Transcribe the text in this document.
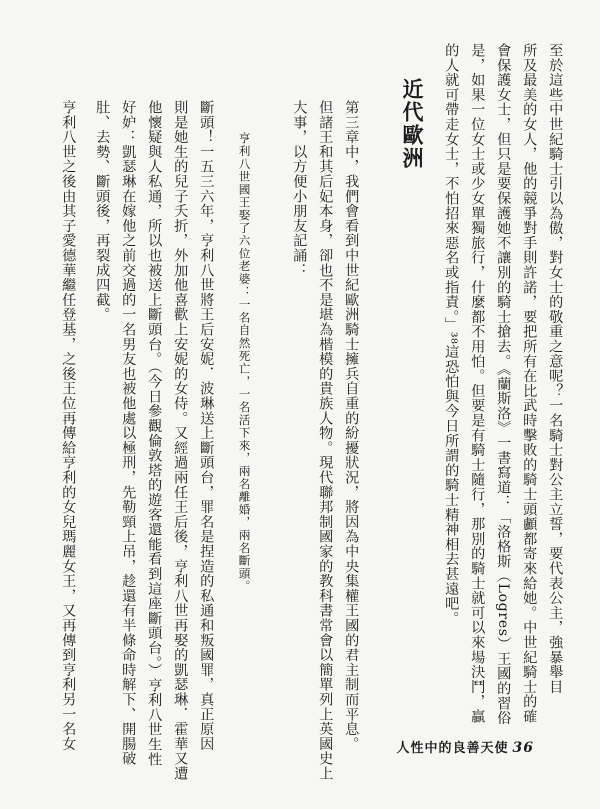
至於這些中世紀騎士引以為傲，對女士的敬重之意呢？一名騎士對公主立誓，要代表公主，強暴舉目
所及最美的女人，他的競爭對手則許諾，要把所有在比武時擊敗的騎士頭顱都寄來給她。中世紀騎士的確
會保護女士，但只是要保護她不讓別的騎士搶去。《蘭斯洛》一書寫道：「洛格斯（Logres）王國的習俗
是，如果一位女士或少女單獨旅行，什麼都不用怕。但要是有騎士隨行，那別的騎士就可以來場決鬥，贏
的人就可帶走女士，不怕招來惡名或指責。」³⁸這恐怕與今日所謂的騎士精神相去甚遠吧。
近代歐洲
第三章中，我們會看到中世紀歐洲騎士擁兵自重的紛擾狀況，將因為中央集權王國的君主制而平息。
但諸王和其后妃本身，卻也不是堪為楷模的貴族人物。現代聯邦制國家的教科書常會以簡單列上英國史上
大事，以方便小朋友記誦：
亨利八世國王娶了六位老婆：一名自然死亡，一名活下來，兩名離婚，兩名斷頭。
斷頭！一五三六年，亨利八世將王后安妮．波琳送上斷頭台，罪名是捏造的私通和叛國罪，真正原因
則是她生的兒子夭折，外加他喜歡上安妮的女侍。又經過兩任王后後，亨利八世再娶的凱瑟琳．霍華又遭
他懷疑與人私通，所以也被送上斷頭台。（今日參觀倫敦塔的遊客還能看到這座斷頭台。）亨利八世生性
好妒：凱瑟琳在嫁他之前交過的一名男友也被他處以極刑，先勒頸上吊，趁還有半條命時解下、開腸破
肚、去勢、斷頭後，再裂成四截。
亨利八世之後由其子愛德華繼任登基，之後王位再傳給亨利的女兒瑪麗女王，又再傳到亨利另一名女	人性中的良善天使 36
